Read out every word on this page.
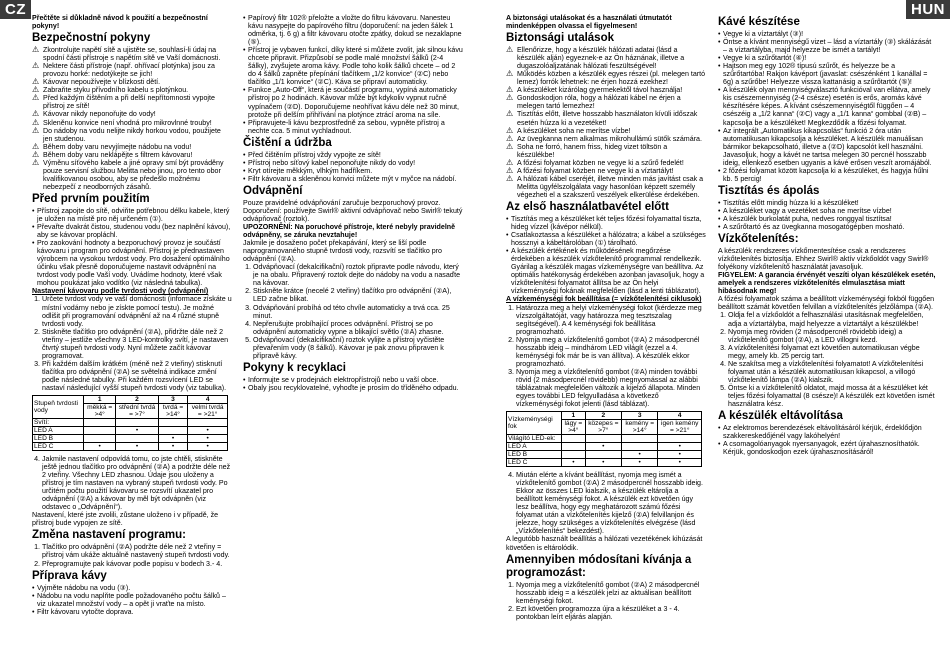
CZ	HUN

Přečtěte si důkladně návod k použití a bezpečnostní pokyny!

Bezpečnostní pokyny
⚠ Zkontrolujte napětí sítě a ujistěte se, souhlasí-li údaj na spodní části přístroje s napětím sítě ve Vaší domácnosti.
⚠ Nektere části přístroje (např. ohřívací plotýnka) jsou za provozu horké: nedotýkejte se jich!
⚠ Kávovar nepoužívejte v blízkosti dětí.
⚠ Zabraňte styku přívodního kabelu s plotýnkou.
⚠ Před každým čištěním a při delší nepřítomnosti vypojte přístroj ze sítě!
⚠ Kávovar nikdy neponořujte do vody!
⚠ Skleněnu konvice není vhodná pro mikrovlnné trouby!
⚠ Do nádoby na vodu nelijte nikdy horkou vodou, použijete jen studenou.
⚠ Během doby varu nevyjímejte nádobu na vodu!
⚠ Během doby varu neklápějte s filtrem kávovaru!
⚠ Výměnu síťového kabele a jiné opravy smí být prováděny pouze servisní službou Melitta nebo jinou, pro tento obor kvalifikovanou osobou, aby se předešlo možnému nebezpečí z neodborných zásahů.
Před prvním použitím
• Přístroj zapojte do sítě, odviňte potřebnou délku kabele, který je uložen na místě pro něj určeném (①).
• Převařte dvakrát čistou, studenou vodu (bez naplnění kávou), aby se kávovar propláchl.
• Pro zaokování hodnoty a bezporuchový provoz je součástí kávovaru i program pro odvápnění. Přístroj je přednastaven výrobcem na vysokou tvrdost vody. Pro dosažení optimálního účinku však přesně doporučujeme nastavit odvápnění na tvrdost vody podle Vaší vody. Uvádíme hodnoty, které však mohou poukázat jako vodítko (viz následná tabulka).

Nastavení kávovaru podle tvrdosti vody (odvápnění)

1. Určete tvrdost vody ve vaší domácnosti (informace získáte u místní vodárny nebo je získte pomocí testu). Je možné odlišit při programování odvápnění až na 4 různé stupně tvrdosti vody.
2. Stiskněte tlačítko pro odvápnění (②A), přidržte dále než 2 vteřiny – jestliže všechny 3 LED-kontrolky svítí, je nastaven čtvrtý stupeň tvrdosti vody. Nyní můžete začít kávovar programovat.
3. Při každém dalším krátkém (méně než 2 vteřiny) stisknutí tlačítka pro odvápnění (②A) se světelná indikace změní podle následné tabulky. Při každém rozsvícení LED se nastaví následující vyšší stupeň tvrdosti vody (viz tabulka).
Stupeň tvrdosti vody	1	2	3	4
	měkká = >4°	střední tvrdá = >7°	tvrdá = >14°	velmi tvrdá = >21°
Svítí:				
LED A		•		•
LED B			•	•
LED C	•	•	•	•
4. Jakmile nastavení odpovídá tomu, co jste chtěli, stiskněte ještě jednou tlačítko pro odvápnění (②A) a podržte déle než 2 vteřiny. Všechny LED zhasnou. Údaje jsou uloženy a přístroj je tím nastaven na vybraný stupeň tvrdosti vody. Po určitém počtu použití kávovaru se rozsvítí ukazatel pro odvápnění (②A) a kávovar by měl být odvápněn (viz odstavec o „Odvápnění“).

Nastavení, které jste zvolili, zůstane uloženo i v případě, že přístroj bude vypojen ze sítě.

Změna nastavení programu:
1. Tlačítko pro odvápnění (②A) podržte déle než 2 vteřiny = přístroj vám ukáže aktuálně nastavený stupeň tvrdosti vody.
2. Přeprogramujte pak kávovar podle popisu v bodech 3.- 4.
Příprava kávy
• Vyjměte nádobu na vodu (③).
• Nádobu na vodu naplňte podle požadovaného počtu šálků – viz ukazatel množství vody – a opět ji vraťte na místo.
• Filtr kávovaru vytočte doprava.
• Papírový filtr 102® přeložte a vložte do filtru kávovaru. Nanesteu kávu nasypejte do papírového filtru (doporučení: na jeden šálek 1 odměrka, tj. 6 g) a filtr kávovaru otočte zpátky, dokud se nezaklapne (⑤).
• Přístroj je vybaven funkcí, díky které si můžete zvolit, jak silnou kávu chcete připravit. Přizpůsobí se podle malé množství šálků (2-4 šálky), zvyšujete aroma kávy. Podle toho kolik šálků chcete – od 2 do 4 šálků zapněte přepínání tlačítkem „1/2 konvice“ (②C) nebo tlačítko „1/1 konvice“ (②C). Káva se připraví automaticky.
• Funkce „Auto-Off“, která je součástí programu, vypíná automaticky přístroj po 2 hodinách. Kávovar může být kdykoliv vypnut ručně vypínačem (②D). Doporučujeme neohřívat kávu déle než 30 minut, protože při delším přihřívání na plotýnce ztrácí aroma na síle.
• Připravujete-li kávu bezprostředně za sebou, vypněte přístroj a nechte cca. 5 minut vychladnout.
Čištění a údržba
• Před čištěním přístroj vždy vypojte ze sítě!
• Přístroj nebo síťový kabel neponořujte nikdy do vody!
• Kryt otírejte měkkým, vlhkým hadříkem.
• Filtr kávovaru a skleněnou konvici můžete mýt v myčce na nádobí.
Odvápnění

Pouze pravidelné odvápňování zaručuje bezporuchový provoz. Doporučení: používejte Swirl® aktivní odvápňovač nebo Swirl® tekutý odvápňovač (roztok).

UPOZORNĚNÍ: Na poruchové přístroje, které nebyly pravidelně odvápněny, se záruka nevztahuje!

Jakmile je dosaženo počet překapávání, který se liší podle naprogramovaného stupně tvrdosti vody, rozsvítí se tlačítko pro odvápnění (②A).

1. Odvápňovací (dekalcifikační) roztok připravte podle návodu, který je na obalu. Připravený roztok dejte do nádoby na vodu a nasaďte na kávovar.
2. Stiskněte krátce (necelé 2 vteřiny) tlačítko pro odvápnění (②A), LED začne blikat.
3. Odvápňování probíhá od této chvíle automaticky a trvá cca. 25 minut.
4. Nepřerušujte probíhající proces odvápnění. Přístroj se po odvápnění automaticky vypne a blikající světlo (②A) zhasne.
5. Odvápňovací (dekalcifikační) roztok vylijte a přístroj vyčistěte převařením vody (8 šálků). Kávovar je pak znovu připraven k přípravě kávy.
Pokyny k recyklaci
• Informujte se v prodejnách elektropřístrojů nebo u vaší obce.
• Obaly jsou recyklovatelné, vyhoďte je prosím do tříděného odpadu.

A biztonsági utalásokat és a használati útmutatót mindenképpen olvassa el figyelmesen!

Biztonsági utalások
⚠ Ellenőrizze, hogy a készülék hálózati adatai (lásd a készülék alján) egyeznek-e az Ön háznának, illetve a dugaszolóaljzatának hálózati feszültségével!
⚠ Működés közben a készülék egyes részei (pl. melegen tartó lemez) forrók lehetnek: ne érjen hozzá ezekhez!
⚠ A készüléket kizárólag gyermekektől távol használja!
⚠ Gondoskodjon róla, hogy a hálózati kábel ne érjen a melegen tartó lemezhez!
⚠ Tisztítás előtt, illetve hosszabb használaton kívüli időszak esetén húzza ki a vezetéket!
⚠ A készüléket soha ne merítse vízbe!
⚠ Az üvegkanna nem alkalmas mikrohullámú sütők számára.
⚠ Soha ne forró, hanem friss, hideg vizet töltsön a készülékbe!
⚠ A főzési folyamat közben ne vegye ki a szűrő fedelét!
⚠ A főzési folyamat közben ne vegye ki a víztartályt!
⚠ A hálózati kábel cseréjét, illetve minden más javítást csak a Melitta ügyfélszolgálata vagy hasonlóan képzett személy végezheti el a szakszerű veszélyek elkerülése érdekében.
Az első használatbavétel előtt
• Tisztítás meg a készüléket két teljes főzési folyamattal tiszta, hideg vízzel (kávépor nélkül).
• Csatlakoztassa a készüléket a hálózatra; a kábel a szükséges hossznyi a kábeltárolóban (①) tárolható.
• A készülék értékének és működésének megőrzése érdekében a készülék vízkőtelenítő programmal rendelkezik. Gyárilag a készülék magas vízkeménységre van beállítva. Az optimális hatékonyság érdekében azonban javasoljuk, hogy a vízkőtelenítési folyamatot állítsa be az Ön helyi vízkeménységi fokának megfelelően (lásd a lenti táblázatot).

A vízkeménységi fok beállítása (= vízkőtelenítési ciklusok)

1. Határozza meg a helyi vízkeménységi fokot (kérdezze meg vízszolgáltatóját, vagy határozza meg tesztszalag segítségével). A 4 keménységi fok beállítása programozható.
2. Nyomja meg a vízkőtelenítő gombot (②A) 2 másodpercnél hosszabb ideig – mindhárom LED világít (ezzel a 4. keménységi fok már be is van állítva). A készülék ekkor programozható.
3. Nyomja meg a vízkőtelenítő gombot (②A) minden további rövid (2 másodpercnél rövidebb) megnyomással az alábbi táblázatnak megfelelően változik a kijelző állapota. Minden egyes további LED felgyulladása a következő vízkeménységi fokot jelenti (lásd táblázat).
Vízkeménységi fok	1	2	3	4
	lágy = >4°	közepes = >7°	kemény = >14°	igen kemény = >21°
Világító LED-ek:				
LED A		•		•
LED B			•	•
LED C	•	•	•	•
4. Miután elérte a kívánt beállítást, nyomja meg ismét a vízkőtelenítő gombot (②A) 2 másodpercnél hosszabb ideig. Ekkor az összes LED kialszik, a készülék eltárolja a beállított keménységi fokot. A készülék ezt követően úgy lesz beállítva, hogy egy meghatározott számú főzési folyamat után a vízkőtelenítés kijelző (②A) felvillanjon és jelezze, hogy szükséges a vízkőtelenítés elvégzése (lásd „Vízkőtelenítés“ bekezdést).

A legutóbb használt beállítás a hálózati vezetékének kihúzását követően is eltárolódik.

Amennyiben módosítani kívánja a programozást:
1. Nyomja meg a vízkőtelenítő gombot (②A) 2 másodpercnél hosszabb ideig = a készülék jelzi az aktuálisan beállított keménységi fokot.
2. Ezt követően programozza újra a készüléket a 3 - 4. pontokban leírt eljárás alapján.
Kávé készítése
• Vegye ki a víztartályt (③)!
• Öntse a kívánt mennyiségű vizet – lásd a víztartály (③) skálázását – a víztartályba, majd helyezze be ismét a tartályt!
• Vegye ki a szűrőtartót (④)!
• Hajtson meg egy 102® típusú szűrőt, és helyezze be a szűrőtartóba! Rakjon kávéport (javaslat: csészénként 1 kanállal = 6g) a szűrőbe! Helyezze vissza kattanásig a szűrőtartót (⑤)!
• A készülék olyan mennyiségválasztó funkcióval van ellátva, amely kis csészemennyiség (2-4 csésze) esetén is erős, aromás kávé készítésére képes. A kívánt csészemennyiségtől függően – 4 csészéig a „1/2 kanna“ (②C) vagy a „1/1 kanna“ gombbal (②B) – kapcsolja be a készüléket! Megkezdődik a főzési folyamat.
• Az integrált „Automatikus kikapcsolás“ funkció 2 óra után automatikusan kikapcsolja a készüléket. A készülék manuálisan bármikor bekapcsolható, illetve a (②D) kapcsolót kell használni. Javasoljuk, hogy a kávét ne tartsa melegen 30 percnél hosszabb ideig, ellenkező esetben ugyanis a kávé erősen veszít aromájából.
• 2 főzési folyamat között kapcsolja ki a készüléket, és hagyja hűlni kb. 5 percig!
Tisztítás és ápolás
• Tisztítás előtt mindig húzza ki a készüléket!
• A készüléket vagy a vezetéket soha ne merítse vízbe!
• A készülék burkolatát puha, nedves ronggyal tisztítsa!
• A szűrőtartó és az üvegkanna mosogatógépben mosható.
Vízkőtelenítés:

A készülék rendszeres vízkőmentesítése csak a rendszeres vízkőtelenítés biztosítja. Ehhez Swirl® aktív vízkőoldót vagy Swirl® folyékony vízkőtelenítő használatát javasoljuk.

FIGYELEM: A garancia érvényét veszíti olyan készülékek esetén, amelyek a rendszeres vízkőtelenítés elmulasztása miatt hibásodnak meg!

A főzési folyamatok száma a beállított vízkeménységi fokból függően beállított számát követően felvillan a vízkőtelenítés jelzőlámpa (②A).

1. Oldja fel a vízkőoldót a felhasználási utasításnak megfelelően, adja a víztartályba, majd helyezze a víztartályt a készülékbe!
2. Nyomja meg röviden (2 másodpercnél rövidebb ideig) a vízkőtelenítő gombot (②A), a LED villogni kezd.
3. A vízkőtelenítési folyamat ezt követően automatikusan végbe megy, amely kb. 25 percig tart.
4. Ne szakítsa meg a vízkőtelenítési folyamatot! A vízkőtelenítési folyamat után a készülék automatikusan kikapcsol, a villogó vízkőtelenítő lámpa (②A) kialszik.
5. Öntse ki a vízkőtelenítő oldatot, majd mossa át a készüléket két teljes főzési folyamattal (8 csésze)! A készülék ezt követően ismét használatra kész.
A készülék eltávolítása
• Az elektromos berendezések eltávolításáról kérjük, érdeklődjön szakkereskedőjénél vagy lakóhelyén!
• A csomagolóanyagok nyersanyagok, ezért újrahasznosíthatók. Kérjük, gondoskodjon ezek újrahasznosításáról!
